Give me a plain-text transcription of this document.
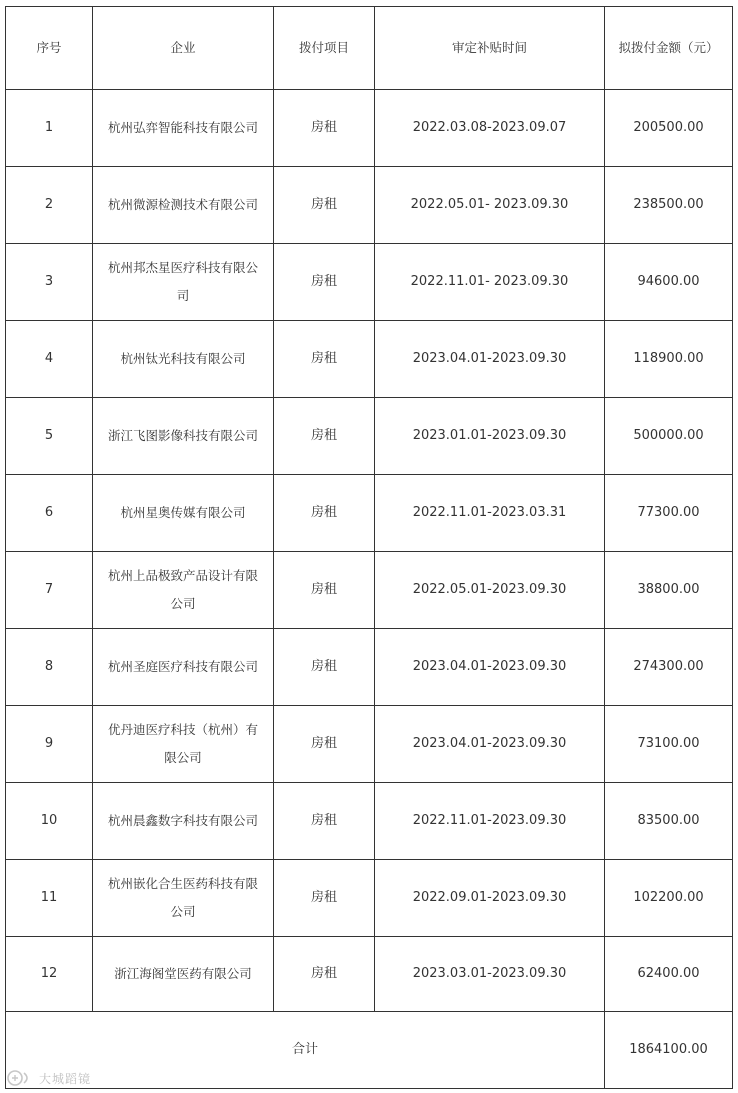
序号	企业	拨付项目	审定补贴时间	拟拨付金额（元）
1	杭州弘弈智能科技有限公司	房租	2022.03.08-2023.09.07	200500.00
2	杭州微源检测技术有限公司	房租	2022.05.01- 2023.09.30	238500.00
3	杭州邦杰星医疗科技有限公司	房租	2022.11.01- 2023.09.30	94600.00
4	杭州钛光科技有限公司	房租	2023.04.01-2023.09.30	118900.00
5	浙江飞图影像科技有限公司	房租	2023.01.01-2023.09.30	500000.00
6	杭州星奥传媒有限公司	房租	2022.11.01-2023.03.31	77300.00
7	杭州上品极致产品设计有限公司	房租	2022.05.01-2023.09.30	38800.00
8	杭州圣庭医疗科技有限公司	房租	2023.04.01-2023.09.30	274300.00
9	优丹迪医疗科技（杭州）有限公司	房租	2023.04.01-2023.09.30	73100.00
10	杭州晨鑫数字科技有限公司	房租	2022.11.01-2023.09.30	83500.00
11	杭州嵌化合生医药科技有限公司	房租	2022.09.01-2023.09.30	102200.00
12	浙江海阁堂医药有限公司	房租	2023.03.01-2023.09.30	62400.00
合计				1864100.00
大城蹈镜
